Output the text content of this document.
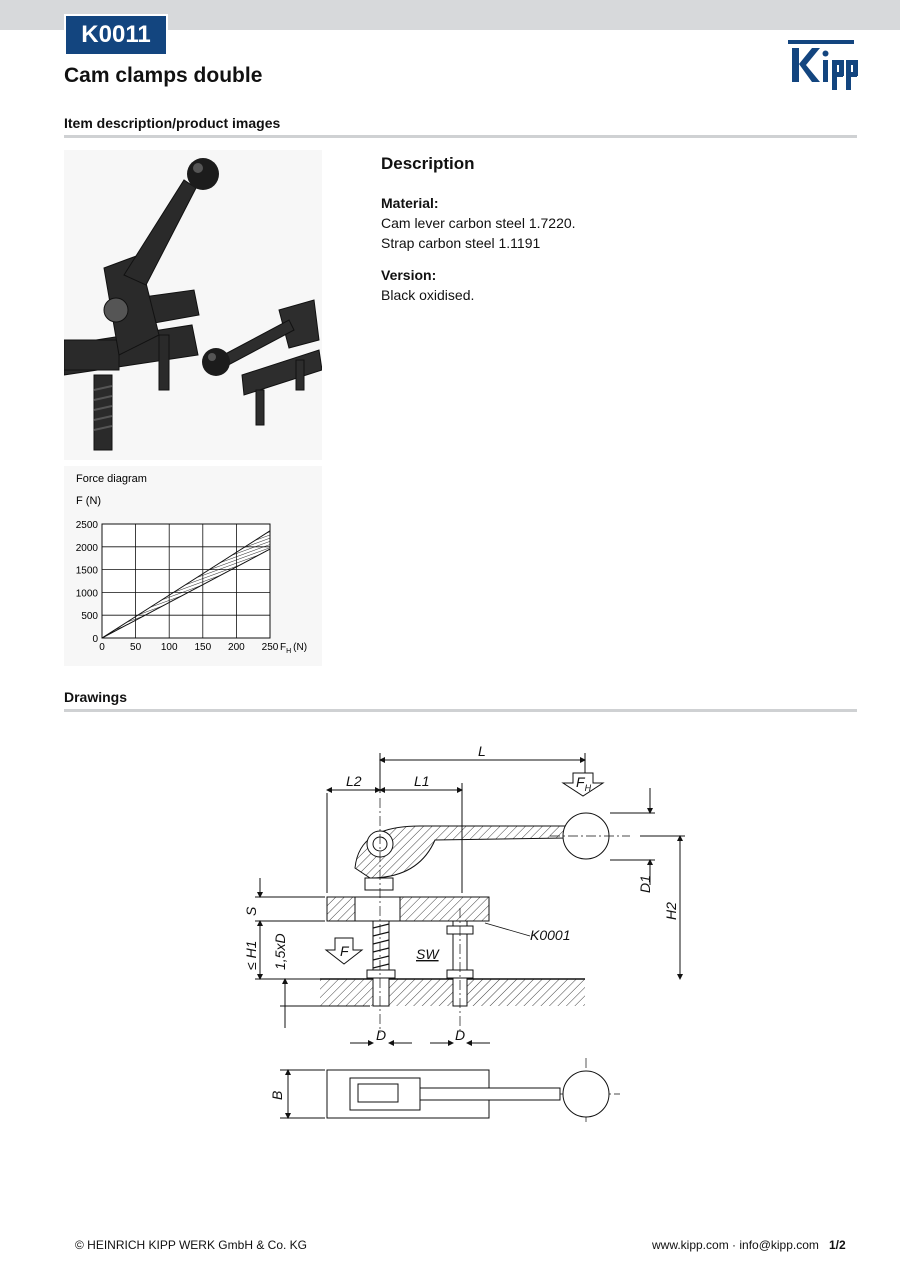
K0011
Cam clamps double
Item description/product images
Description

Material:

Cam lever carbon steel 1.7220.

Strap carbon steel 1.1191

Version:

Black oxidised.

Force diagram
F (N)
0	50 100 150 200 250
0
500
1000
1500
2000
2500
$F_H$ (N)
Drawings
L
L2	L1	$F_H$
D1
H2
S
≤ H1 1,5xD	F	SW
K0001
D	D
B
© HEINRICH KIPP WERK GmbH & Co. KG	www.kipp.com · info@kipp.com 1/2
